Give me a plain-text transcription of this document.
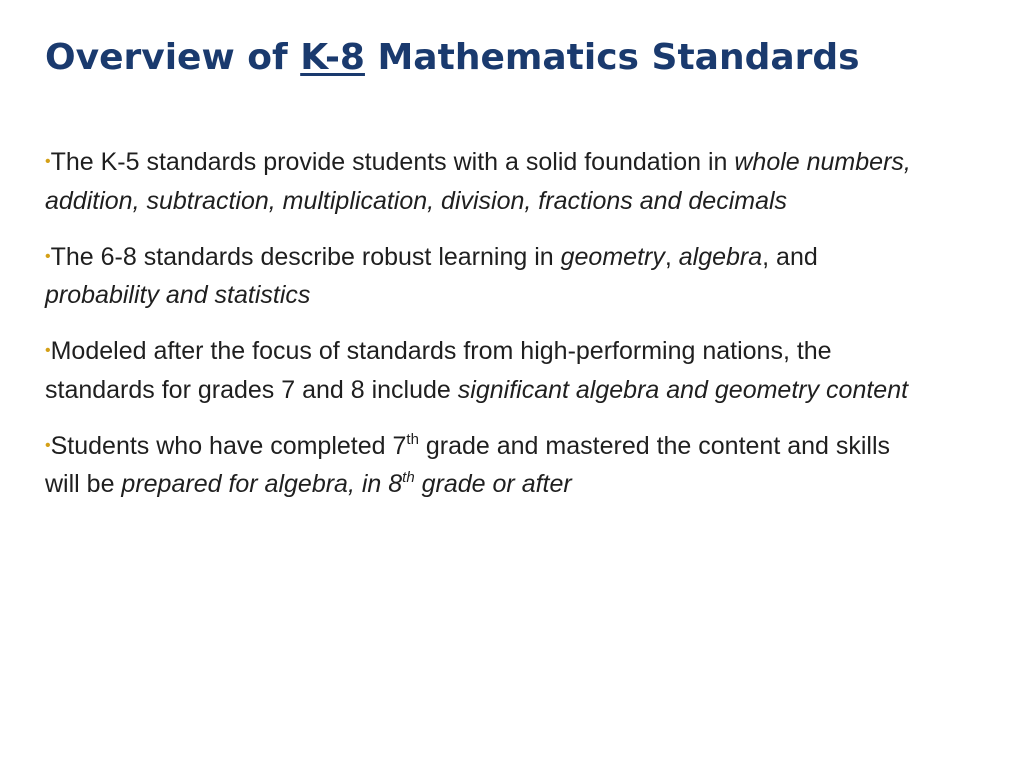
Overview of K-8 Mathematics Standards
•The K-5 standards provide students with a solid foundation in whole numbers, addition, subtraction, multiplication, division, fractions and decimals
•The 6-8 standards describe robust learning in geometry, algebra, and probability and statistics
•Modeled after the focus of standards from high-performing nations, the standards for grades 7 and 8 include significant algebra and geometry content
•Students who have completed 7th grade and mastered the content and skills will be prepared for algebra, in 8th grade or after
